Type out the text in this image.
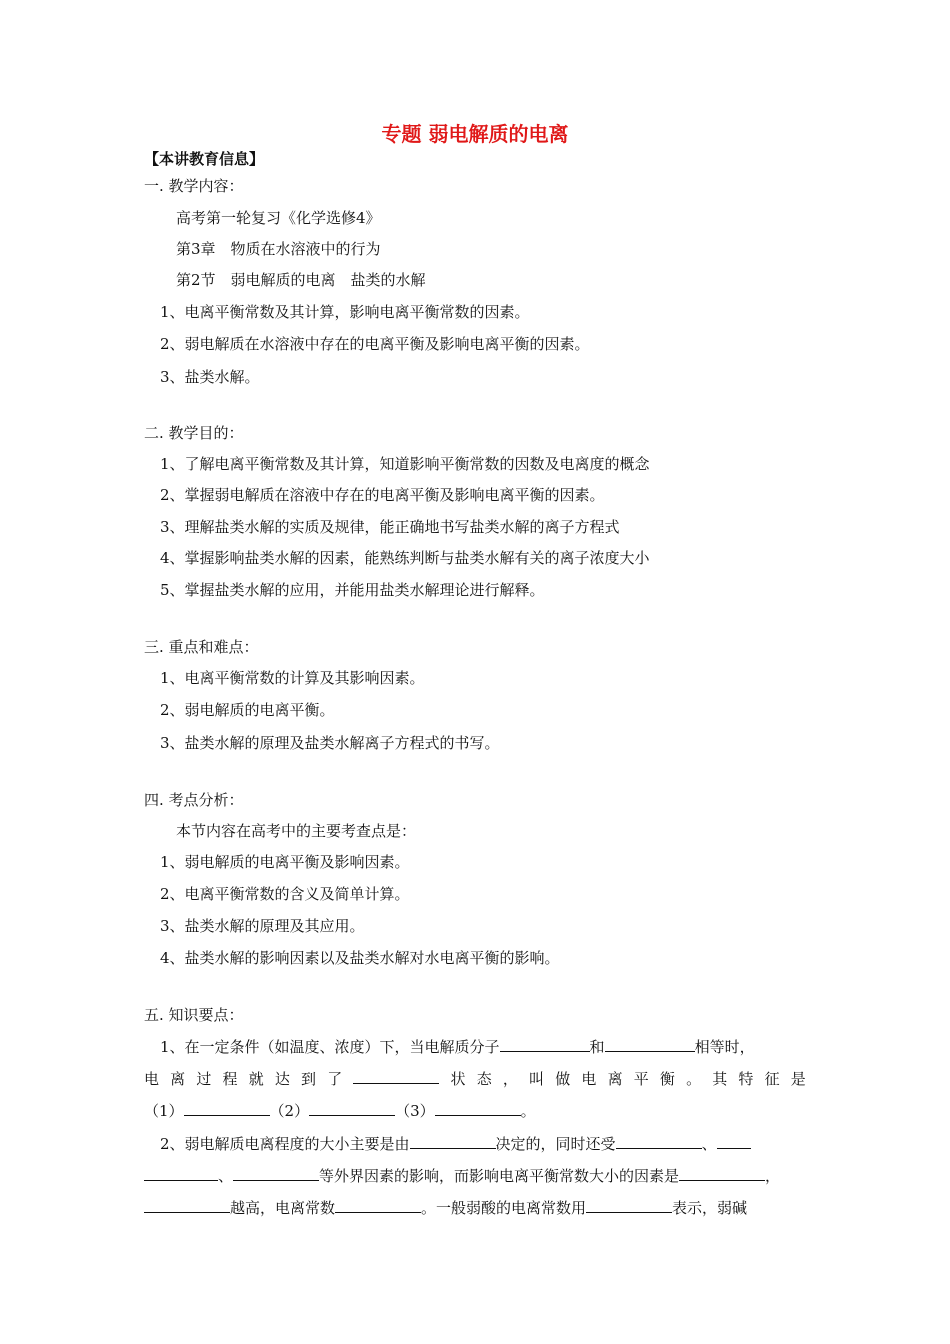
专题 弱电解质的电离
【本讲教育信息】
一. 教学内容：
高考第一轮复习《化学选修4》
第3章　物质在水溶液中的行为
第2节　弱电解质的电离　盐类的水解
1、电离平衡常数及其计算，影响电离平衡常数的因素。
2、弱电解质在水溶液中存在的电离平衡及影响电离平衡的因素。
3、盐类水解。
二. 教学目的：
1、了解电离平衡常数及其计算，知道影响平衡常数的因数及电离度的概念
2、掌握弱电解质在溶液中存在的电离平衡及影响电离平衡的因素。
3、理解盐类水解的实质及规律，能正确地书写盐类水解的离子方程式
4、掌握影响盐类水解的因素，能熟练判断与盐类水解有关的离子浓度大小
5、掌握盐类水解的应用，并能用盐类水解理论进行解释。
三. 重点和难点：
1、电离平衡常数的计算及其影响因素。
2、弱电解质的电离平衡。
3、盐类水解的原理及盐类水解离子方程式的书写。
四. 考点分析：
本节内容在高考中的主要考查点是：
1、弱电解质的电离平衡及影响因素。
2、电离平衡常数的含义及简单计算。
3、盐类水解的原理及其应用。
4、盐类水解的影响因素以及盐类水解对水电离平衡的影响。
五. 知识要点：
1、在一定条件（如温度、浓度）下，当电解质分子	和	相等时，
电 离 过 程 就 达 到 了	状 态 ， 叫 做 电 离 平 衡 。 其 特 征 是
（1）	（2）	（3）	。
2、弱电解质电离程度的大小主要是由	决定的，同时还受	、
、	等外界因素的影响，而影响电离平衡常数大小的因素是	，
越高，电离常数	。一般弱酸的电离常数用	表示，弱碱
